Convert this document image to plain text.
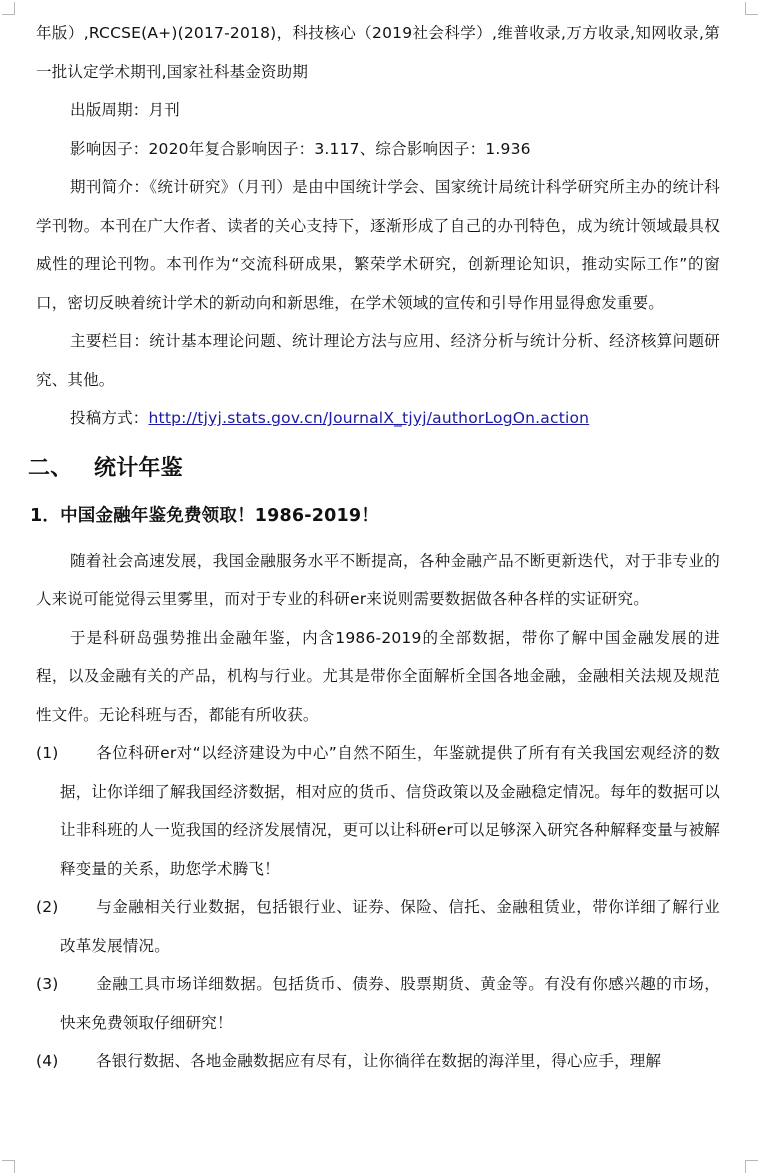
年版）,RCCSE(A+)(2017-2018)，科技核心（2019社会科学）,维普收录,万方收录,知网收录,第一批认定学术期刊,国家社科基金资助期

出版周期：月刊

影响因子：2020年复合影响因子：3.117、综合影响因子：1.936

期刊简介：《统计研究》（月刊）是由中国统计学会、国家统计局统计科学研究所主办的统计科学刊物。本刊在广大作者、读者的关心支持下，逐渐形成了自己的办刊特色，成为统计领域最具权威性的理论刊物。本刊作为“交流科研成果，繁荣学术研究，创新理论知识，推动实际工作”的窗口，密切反映着统计学术的新动向和新思维，在学术领域的宣传和引导作用显得愈发重要。

主要栏目：统计基本理论问题、统计理论方法与应用、经济分析与统计分析、经济核算问题研究、其他。

投稿方式：http://tjyj.stats.gov.cn/JournalX_tjyj/authorLogOn.action

二、 统计年鉴
1．中国金融年鉴免费领取！1986-2019！

随着社会高速发展，我国金融服务水平不断提高，各种金融产品不断更新迭代，对于非专业的人来说可能觉得云里雾里，而对于专业的科研er来说则需要数据做各种各样的实证研究。

于是科研岛强势推出金融年鉴，内含1986-2019的全部数据，带你了解中国金融发展的进程，以及金融有关的产品，机构与行业。尤其是带你全面解析全国各地金融，金融相关法规及规范性文件。无论科班与否，都能有所收获。

(1)	各位科研er对“以经济建设为中心”自然不陌生，年鉴就提供了所有有关我国宏观经济的数据，让你详细了解我国经济数据，相对应的货币、信贷政策以及金融稳定情况。每年的数据可以让非科班的人一览我国的经济发展情况，更可以让科研er可以足够深入研究各种解释变量与被解释变量的关系，助您学术腾飞！
(2)	与金融相关行业数据，包括银行业、证券、保险、信托、金融租赁业，带你详细了解行业改革发展情况。
(3)	金融工具市场详细数据。包括货币、债券、股票期货、黄金等。有没有你感兴趣的市场，快来免费领取仔细研究！
(4)	各银行数据、各地金融数据应有尽有，让你徜徉在数据的海洋里，得心应手，理解
